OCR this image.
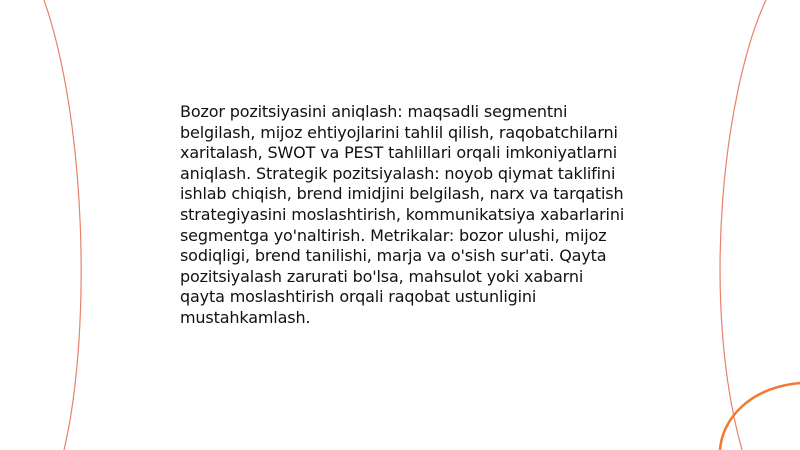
Bozor pozitsiyasini aniqlash: maqsadli segmentni belgilash, mijoz ehtiyojlarini tahlil qilish, raqobatchilarni xaritalash, SWOT va PEST tahlillari orqali imkoniyatlarni aniqlash. Strategik pozitsiyalash: noyob qiymat taklifini ishlab chiqish, brend imidjini belgilash, narx va tarqatish strategiyasini moslashtirish, kommunikatsiya xabarlarini segmentga yo'naltirish. Metrikalar: bozor ulushi, mijoz sodiqligi, brend tanilishi, marja va o'sish sur'ati. Qayta pozitsiyalash zarurati bo'lsa, mahsulot yoki xabarni qayta moslashtirish orqali raqobat ustunligini mustahkamlash.
